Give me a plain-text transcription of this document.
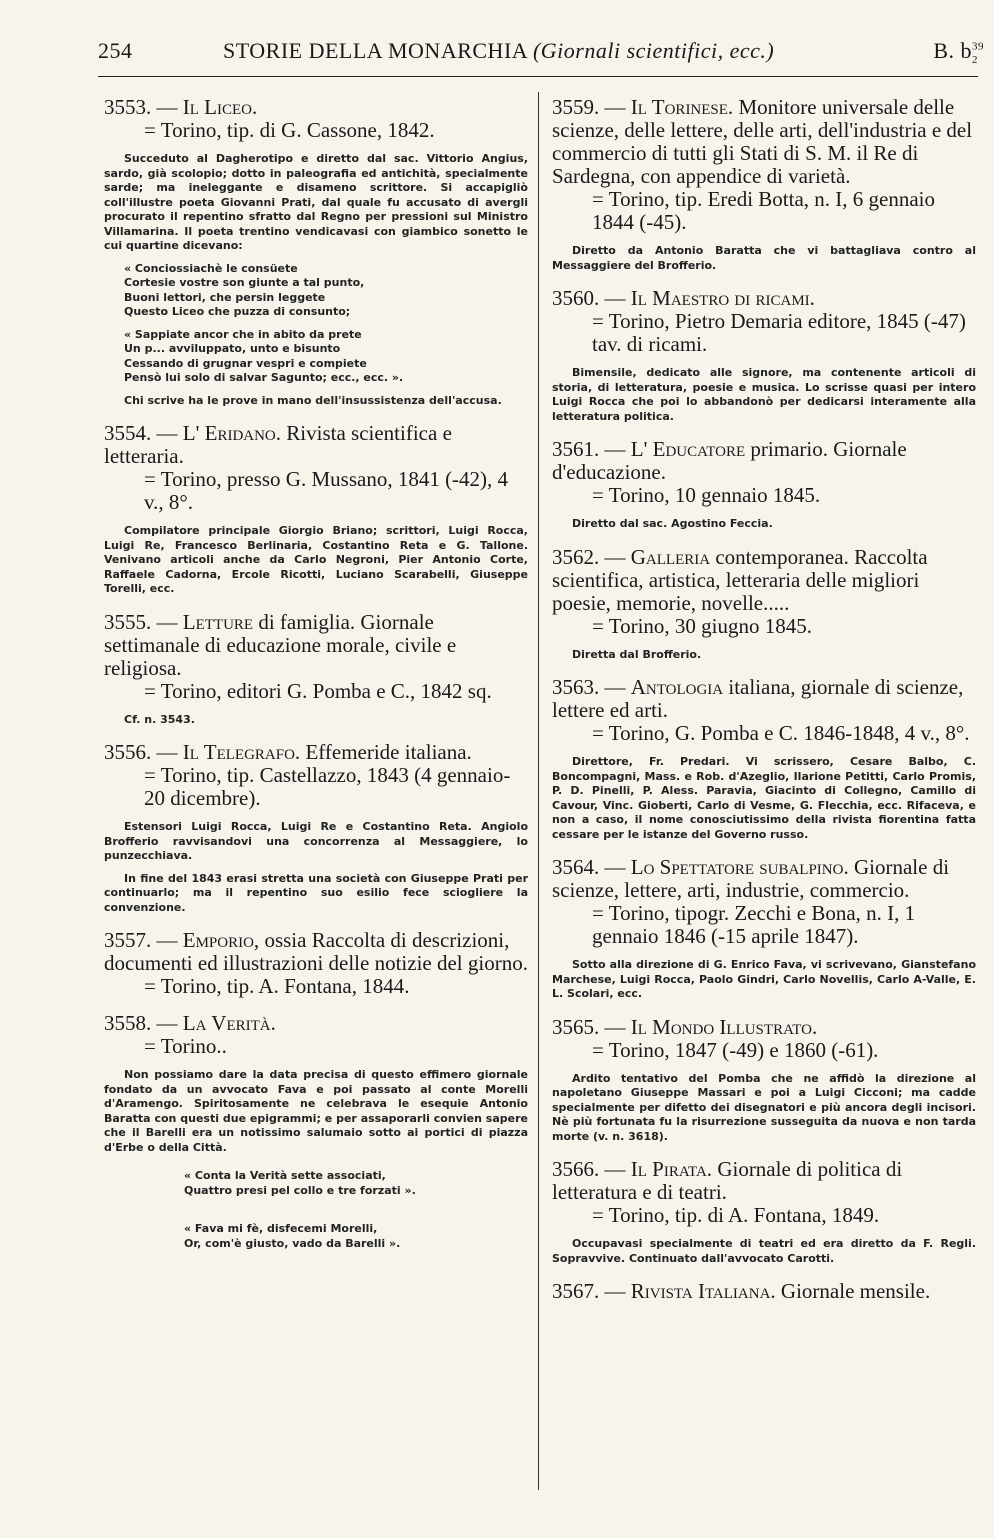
254	STORIE DELLA MONARCHIA (Giornali scientifici, ecc.)	B. $b^{39}_2$

3553. — Il Liceo.

= Torino, tip. di G. Cassone, 1842.

Succeduto al Dagherotipo e diretto dal sac. Vittorio Angius, sardo, già scolopio; dotto in paleografia ed antichità, specialmente sarde; ma ineleggante e disameno scrittore. Si accapigliò coll'illustre poeta Giovanni Prati, dal quale fu accusato di avergli procurato il repentino sfratto dal Regno per pressioni sul Ministro Villamarina. Il poeta trentino vendicavasi con giambico sonetto le cui quartine dicevano:

« Conciossiachè le consüete
Cortesie vostre son giunte a tal punto,
Buoni lettori, che persin leggete
Questo Liceo che puzza di consunto;
« Sappiate ancor che in abito da prete
Un p... avviluppato, unto e bisunto
Cessando di grugnar vespri e compiete
Pensò lui solo di salvar Sagunto; ecc., ecc. ».

Chi scrive ha le prove in mano dell'insussistenza dell'accusa.

3554. — L' Eridano. Rivista scientifica e letteraria.

= Torino, presso G. Mussano, 1841 (-42), 4 v., 8°.

Compilatore principale Giorgio Briano; scrittori, Luigi Rocca, Luigi Re, Francesco Berlinaria, Costantino Reta e G. Tallone. Venivano articoli anche da Carlo Negroni, Pier Antonio Corte, Raffaele Cadorna, Ercole Ricotti, Luciano Scarabelli, Giuseppe Torelli, ecc.

3555. — Letture di famiglia. Giornale settimanale di educazione morale, civile e religiosa.

= Torino, editori G. Pomba e C., 1842 sq.

Cf. n. 3543.

3556. — Il Telegrafo. Effemeride italiana.

= Torino, tip. Castellazzo, 1843 (4 gennaio-20 dicembre).

Estensori Luigi Rocca, Luigi Re e Costantino Reta. Angiolo Brofferio ravvisandovi una concorrenza al Messaggiere, lo punzecchiava.

In fine del 1843 erasi stretta una società con Giuseppe Prati per continuarlo; ma il repentino suo esilio fece sciogliere la convenzione.

3557. — Emporio, ossia Raccolta di descrizioni, documenti ed illustrazioni delle notizie del giorno.

= Torino, tip. A. Fontana, 1844.

3558. — La Verità.

= Torino..

Non possiamo dare la data precisa di questo effimero giornale fondato da un avvocato Fava e poi passato al conte Morelli d'Aramengo. Spiritosamente ne celebrava le esequie Antonio Baratta con questi due epigrammi; e per assaporarli convien sapere che il Barelli era un notissimo salumaio sotto ai portici di piazza d'Erbe o della Città.

« Conta la Verità sette associati,
Quattro presi pel collo e tre forzati ».
« Fava mi fè, disfecemi Morelli,
Or, com'è giusto, vado da Barelli ».

3559. — Il Torinese. Monitore universale delle scienze, delle lettere, delle arti, dell'industria e del commercio di tutti gli Stati di S. M. il Re di Sardegna, con appendice di varietà.

= Torino, tip. Eredi Botta, n. I, 6 gennaio 1844 (-45).

Diretto da Antonio Baratta che vi battagliava contro al Messaggiere del Brofferio.

3560. — Il Maestro di ricami.

= Torino, Pietro Demaria editore, 1845 (-47) tav. di ricami.

Bimensile, dedicato alle signore, ma contenente articoli di storia, di letteratura, poesie e musica. Lo scrisse quasi per intero Luigi Rocca che poi lo abbandonò per dedicarsi interamente alla letteratura politica.

3561. — L' Educatore primario. Giornale d'educazione.

= Torino, 10 gennaio 1845.

Diretto dal sac. Agostino Feccia.

3562. — Galleria contemporanea. Raccolta scientifica, artistica, letteraria delle migliori poesie, memorie, novelle.....

= Torino, 30 giugno 1845.

Diretta dal Brofferio.

3563. — Antologia italiana, giornale di scienze, lettere ed arti.

= Torino, G. Pomba e C. 1846-1848, 4 v., 8°.

Direttore, Fr. Predari. Vi scrissero, Cesare Balbo, C. Boncompagni, Mass. e Rob. d'Azeglio, Ilarione Petitti, Carlo Promis, P. D. Pinelli, P. Aless. Paravia, Giacinto di Collegno, Camillo di Cavour, Vinc. Gioberti, Carlo di Vesme, G. Flecchia, ecc. Rifaceva, e non a caso, il nome conosciutissimo della rivista fiorentina fatta cessare per le istanze del Governo russo.

3564. — Lo Spettatore subalpino. Giornale di scienze, lettere, arti, industrie, commercio.

= Torino, tipogr. Zecchi e Bona, n. I, 1 gennaio 1846 (-15 aprile 1847).

Sotto alla direzione di G. Enrico Fava, vi scrivevano, Gianstefano Marchese, Luigi Rocca, Paolo Gindri, Carlo Novellis, Carlo A-Valle, E. L. Scolari, ecc.

3565. — Il Mondo Illustrato.

= Torino, 1847 (-49) e 1860 (-61).

Ardito tentativo del Pomba che ne affidò la direzione al napoletano Giuseppe Massari e poi a Luigi Cicconi; ma cadde specialmente per difetto dei disegnatori e più ancora degli incisori. Nè più fortunata fu la risurrezione susseguita da nuova e non tarda morte (v. n. 3618).

3566. — Il Pirata. Giornale di politica di letteratura e di teatri.

= Torino, tip. di A. Fontana, 1849.

Occupavasi specialmente di teatri ed era diretto da F. Regli. Sopravvive. Continuato dall'avvocato Carotti.

3567. — Rivista Italiana. Giornale mensile.
